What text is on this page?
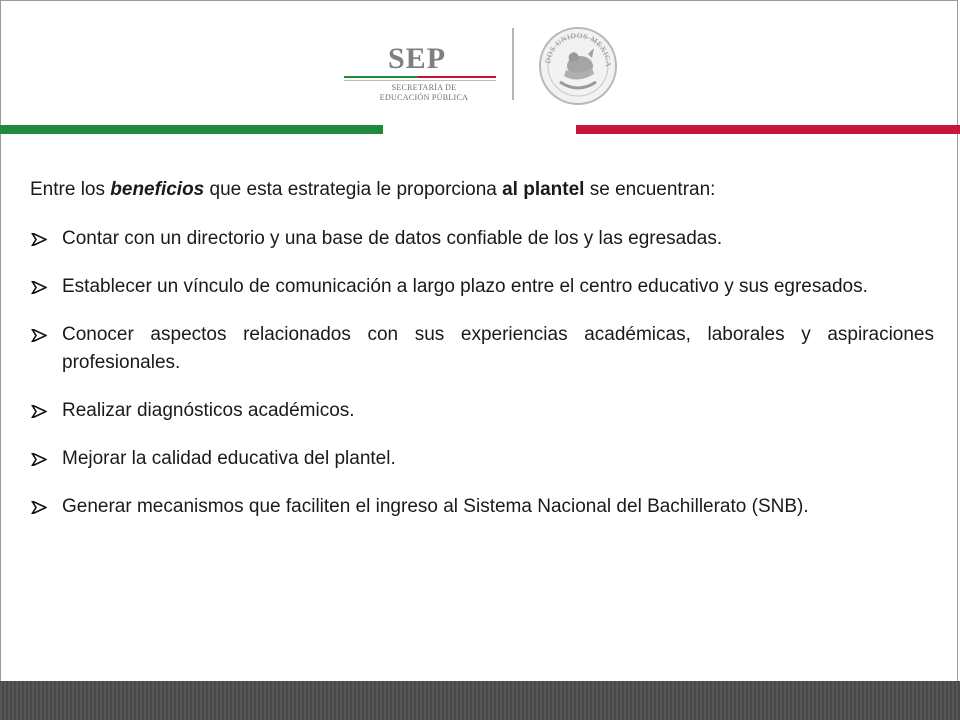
SEP
SECRETARÍA DE
EDUCACIÓN PÚBLICA
DOS UNIDOS MEXICA

Entre los beneficios que esta estrategia le proporciona al plantel se encuentran:

Contar con un directorio y una base de datos confiable de los y las egresadas.
Establecer un vínculo de comunicación a largo plazo entre el centro educativo y sus egresados.
Conocer aspectos relacionados con sus experiencias académicas, laborales y aspiraciones profesionales.
Realizar diagnósticos académicos.
Mejorar la calidad educativa del plantel.
Generar mecanismos que faciliten el ingreso al Sistema Nacional del Bachillerato (SNB).
